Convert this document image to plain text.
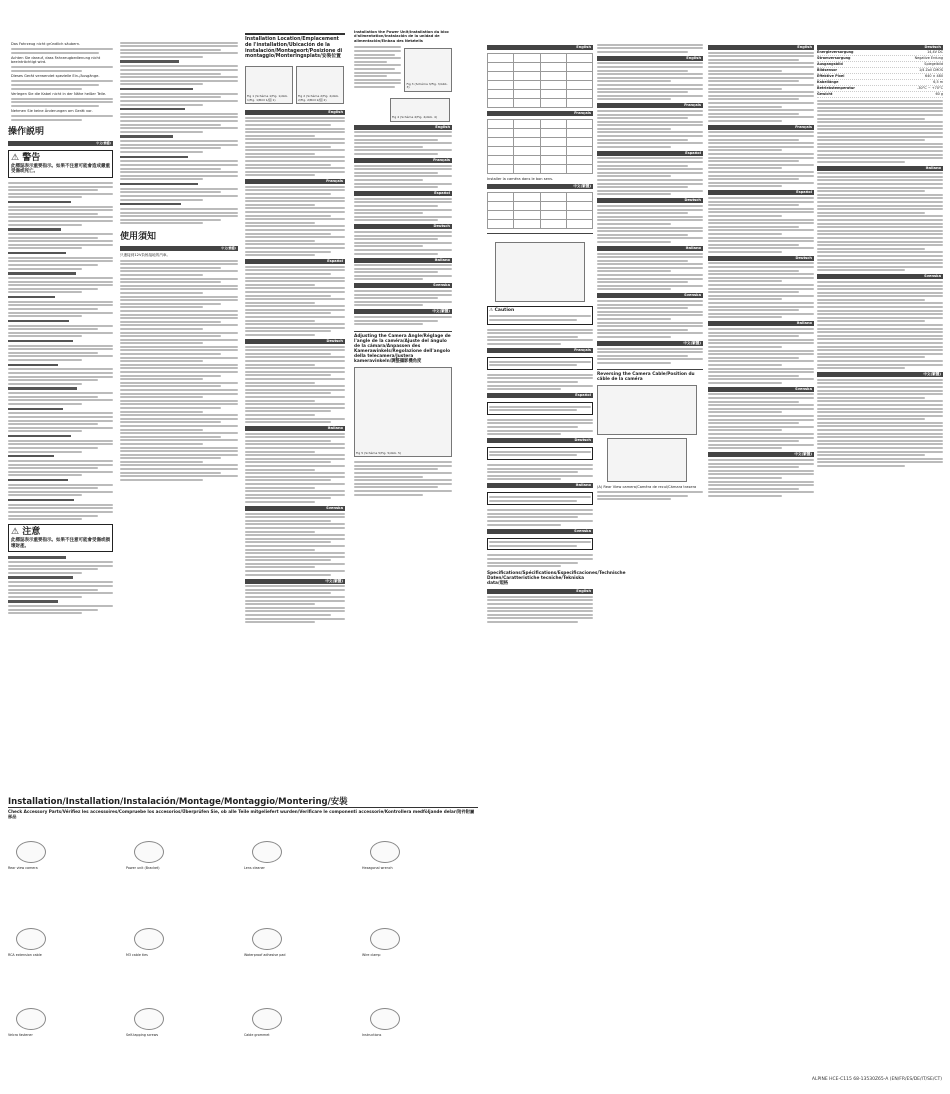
Das Fahrzeug nicht gründlich säubern.
Achten Sie darauf, dass Fahrzeugbedienung nicht beeinträchtigt wird.
Dieses Gerät verwendet spezielle Ein-/Ausgänge.
Verlegen Sie die Kabel nicht in der Nähe heißer Teile.
Nehmen Sie keine Änderungen am Gerät vor.
操作説明
中文(繁體)
⚠ 警告
此標誌表示重要指示。如果不注意可能會造成嚴重受傷或死亡。
⚠ 注意
此標誌表示重要指示。如果不注意可能會受傷或損壞財產。
使用須知
中文(繁體)
只連接到12V負極接地的汽車。
Installation Location/Emplacement de l'installation/Ubicación de la instalación/Montageort/Posizione di montaggio/Monteringsplats/安裝位置
Fig 1 (Schéma 1/Fig. 1/Abb. 1/Fig. 1/Bild 1/圖 1)
Fig 2 (Schéma 2/Fig. 2/Abb. 2/Fig. 2/Bild 2/圖 2)
English
Français
Español
Deutsch
Italiano
Svenska
中文(繁體)
Installation the Power Unit/Installation du bloc d'alimentation/Instalación de la unidad de alimentación/Einbau des Netzteils
Fig 3 (Schéma 3/Fig. 3/Abb. 3)
Fig 4 (Schéma 4/Fig. 4/Abb. 4)
English
Français
Español
Deutsch
Italiano
Svenska
中文(繁體)
Adjusting the Camera Angle/Réglage de l'angle de la caméra/Ajuste del ángulo de la cámara/Anpassen des Kamerawinkels/Regolazione dell'angolo della telecamera/Justera kameravinkeln/調整攝影機角度
Fig 5 (Schéma 5/Fig. 5/Abb. 5)
English

Français

Installer la caméra dans le bon sens.
中文(繁體)

⚠ Caution
Français
Español
Deutsch
Italiano
Svenska
Specifications/Spécifications/Especificaciones/Technische Daten/Caratteristiche tecniche/Tekniska data/規格
English
English
Français
Español
Deutsch
Italiano
Svenska
中文(繁體)
Reversing the Camera Cable/Position du câble de la caméra
(A) Rear View camera/Caméra de recul/Cámara trasera
English
Français
Español
Deutsch
Italiano
Svenska
中文(繁體)
Deutsch
Energieversorgung	14,4V DC
Stromversorgung	Negative Erdung
Ausgangsbild	Spiegelbild
Bildsensor	1/4 Zoll CMOS
Effektive Pixel	640 × 480
Kabellänge	6,5 m
Betriebstemperatur	-30°C ~ +70°C
Gewicht	60 g
Italiano
Svenska
中文(繁體)
Installation/Installation/Instalación/Montage/Montaggio/Montering/安裝
Check Accessory Parts/Vérifiez les accessoires/Compruebe los accesorios/Überprüfen Sie, ob alle Teile mitgeliefert wurden/Verificare le componenti accessorie/Kontrollera medföljande delar/附件附屬部品
Rear view camera	Power unit (Bracket)	Lens cleaner	Hexagonal wrench
RCA extension cable	M3 cable ties	Waterproof adhesive pad	Wire clamp
Velcro fastener	Self-tapping screws	Cable grommet	Instructions
ALPINE HCE-C115 68-13530Z65-A (EN/FR/ES/DE/IT/SE/CT)
